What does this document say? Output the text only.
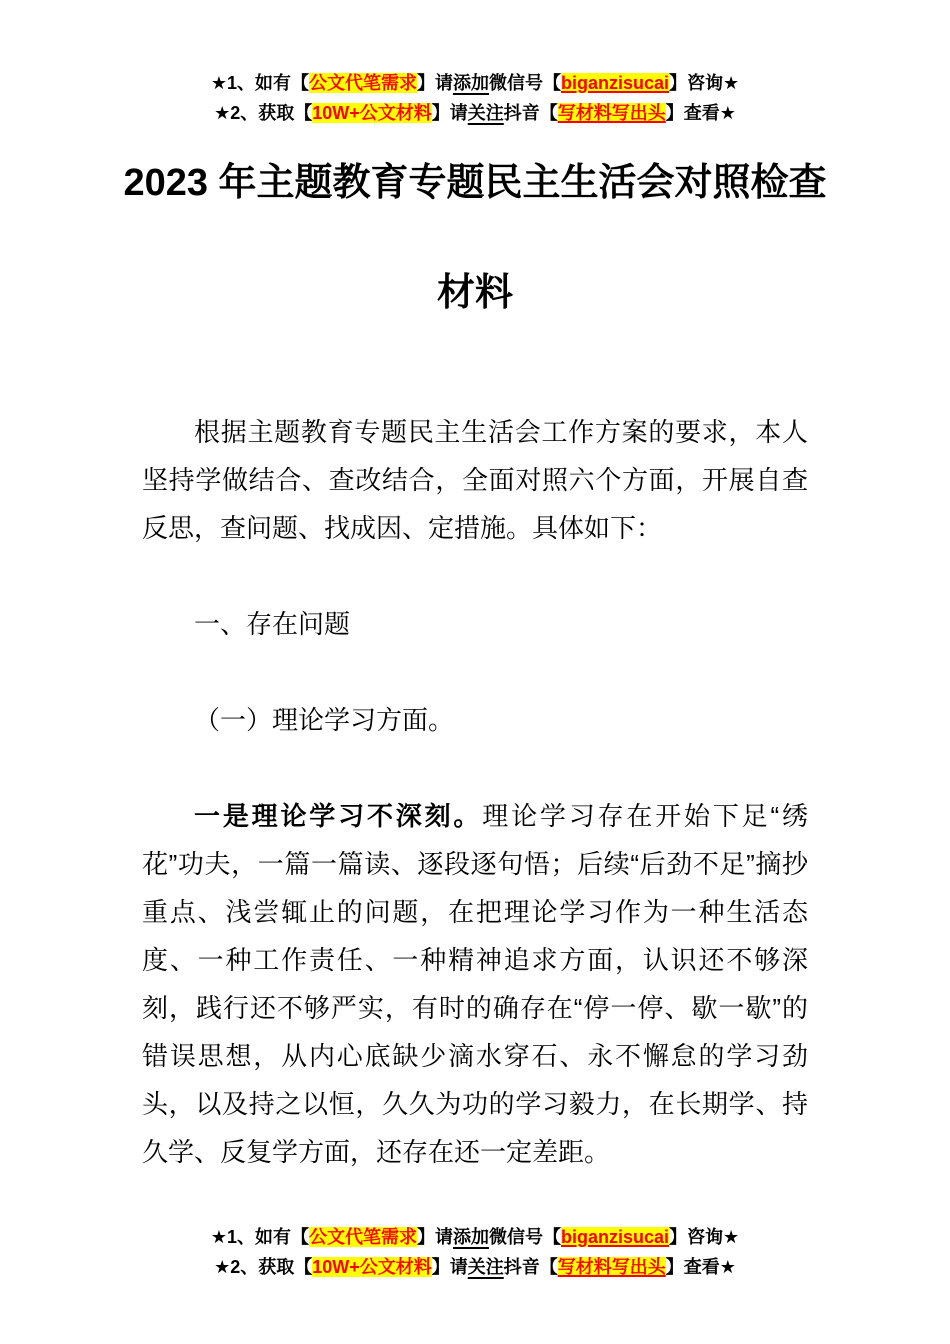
★1、如有【公文代笔需求】请添加微信号【biganzisucai】咨询★
★2、获取【10W+公文材料】请关注抖音【写材料写出头】查看★
2023 年主题教育专题民主生活会对照检查
材料

根据主题教育专题民主生活会工作方案的要求，本人坚持学做结合、查改结合，全面对照六个方面，开展自查反思，查问题、找成因、定措施。具体如下：

一、存在问题

（一）理论学习方面。

一是理论学习不深刻。理论学习存在开始下足“绣花”功夫，一篇一篇读、逐段逐句悟；后续“后劲不足”摘抄重点、浅尝辄止的问题，在把理论学习作为一种生活态度、一种工作责任、一种精神追求方面，认识还不够深刻，践行还不够严实，有时的确存在“停一停、歇一歇”的错误思想，从内心底缺少滴水穿石、永不懈怠的学习劲头，以及持之以恒，久久为功的学习毅力，在长期学、持久学、反复学方面，还存在还一定差距。

★1、如有【公文代笔需求】请添加微信号【biganzisucai】咨询★
★2、获取【10W+公文材料】请关注抖音【写材料写出头】查看★
